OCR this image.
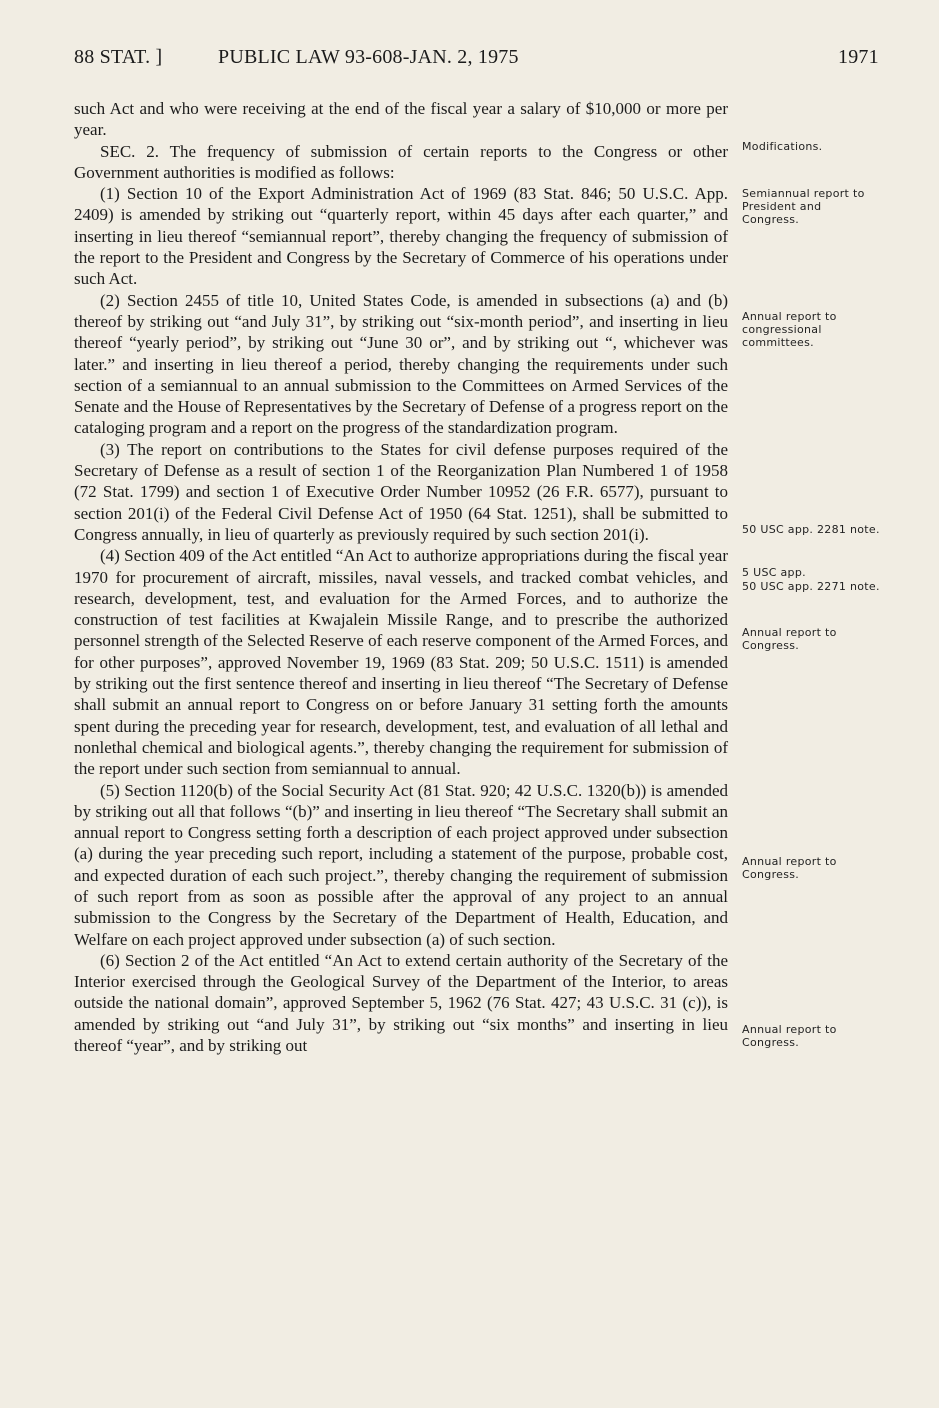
88 STAT. ]	PUBLIC LAW 93-608-JAN. 2, 1975	1971

such Act and who were receiving at the end of the fiscal year a salary of $10,000 or more per year.

SEC. 2. The frequency of submission of certain reports to the Congress or other Government authorities is modified as follows:

(1) Section 10 of the Export Administration Act of 1969 (83 Stat. 846; 50 U.S.C. App. 2409) is amended by striking out “quarterly report, within 45 days after each quarter,” and inserting in lieu thereof “semiannual report”, thereby changing the frequency of submission of the report to the President and Congress by the Secretary of Commerce of his operations under such Act.

(2) Section 2455 of title 10, United States Code, is amended in subsections (a) and (b) thereof by striking out “and July 31”, by striking out “six-month period”, and inserting in lieu thereof “yearly period”, by striking out “June 30 or”, and by striking out “, whichever was later.” and inserting in lieu thereof a period, thereby changing the requirements under such section of a semiannual to an annual submission to the Committees on Armed Services of the Senate and the House of Representatives by the Secretary of Defense of a progress report on the cataloging program and a report on the progress of the standardization program.

(3) The report on contributions to the States for civil defense purposes required of the Secretary of Defense as a result of section 1 of the Reorganization Plan Numbered 1 of 1958 (72 Stat. 1799) and section 1 of Executive Order Number 10952 (26 F.R. 6577), pursuant to section 201(i) of the Federal Civil Defense Act of 1950 (64 Stat. 1251), shall be submitted to Congress annually, in lieu of quarterly as previously required by such section 201(i).

(4) Section 409 of the Act entitled “An Act to authorize appropriations during the fiscal year 1970 for procurement of aircraft, missiles, naval vessels, and tracked combat vehicles, and research, development, test, and evaluation for the Armed Forces, and to authorize the construction of test facilities at Kwajalein Missile Range, and to prescribe the authorized personnel strength of the Selected Reserve of each reserve component of the Armed Forces, and for other purposes”, approved November 19, 1969 (83 Stat. 209; 50 U.S.C. 1511) is amended by striking out the first sentence thereof and inserting in lieu thereof “The Secretary of Defense shall submit an annual report to Congress on or before January 31 setting forth the amounts spent during the preceding year for research, development, test, and evaluation of all lethal and nonlethal chemical and biological agents.”, thereby changing the requirement for submission of the report under such section from semiannual to annual.

(5) Section 1120(b) of the Social Security Act (81 Stat. 920; 42 U.S.C. 1320(b)) is amended by striking out all that follows “(b)” and inserting in lieu thereof “The Secretary shall submit an annual report to Congress setting forth a description of each project approved under subsection (a) during the year preceding such report, including a statement of the purpose, probable cost, and expected duration of each such project.”, thereby changing the requirement of submission of such report from as soon as possible after the approval of any project to an annual submission to the Congress by the Secretary of the Department of Health, Education, and Welfare on each project approved under subsection (a) of such section.

(6) Section 2 of the Act entitled “An Act to extend certain authority of the Secretary of the Interior exercised through the Geological Survey of the Department of the Interior, to areas outside the national domain”, approved September 5, 1962 (76 Stat. 427; 43 U.S.C. 31 (c)), is amended by striking out “and July 31”, by striking out “six months” and inserting in lieu thereof “year”, and by striking out

Modifications.
Semiannual report to President and Congress.
Annual report to congressional committees.
50 USC app. 2281 note.
5 USC app.
50 USC app. 2271 note.
Annual report to Congress.
Annual report to Congress.
Annual report to Congress.
